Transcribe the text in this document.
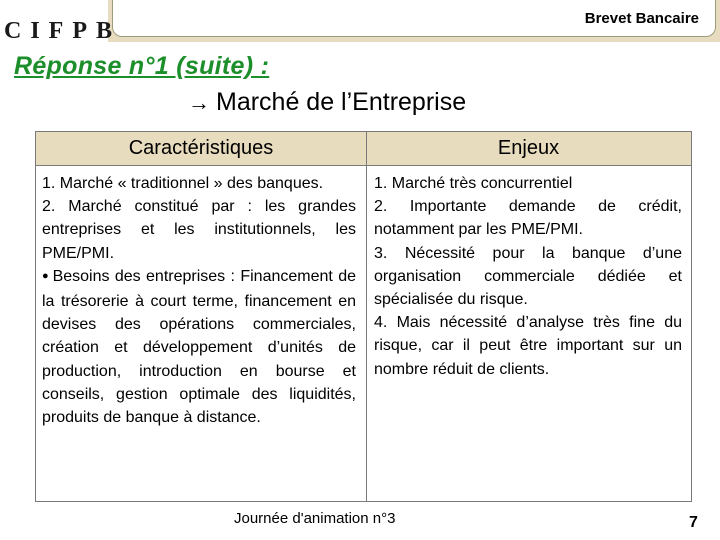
Brevet Bancaire
CIFPB
Réponse n°1 (suite) :
→ Marché de l’Entreprise
Caractéristiques	Enjeux
1. Marché « traditionnel » des banques.
2. Marché constitué par : les grandes entreprises et les institutionnels, les PME/PMI.
● Besoins des entreprises : Financement de la trésorerie à court terme, financement en devises des opérations commerciales, création et développement d’unités de production, introduction en bourse et conseils, gestion optimale des liquidités, produits de banque à distance.
1. Marché très concurrentiel
2. Importante demande de crédit, notamment par les PME/PMI.
3. Nécessité pour la banque d’une organisation commerciale dédiée et spécialisée du risque.
4. Mais nécessité d’analyse très fine du risque, car il peut être important sur un nombre réduit de clients.
Journée d'animation n°3	7
